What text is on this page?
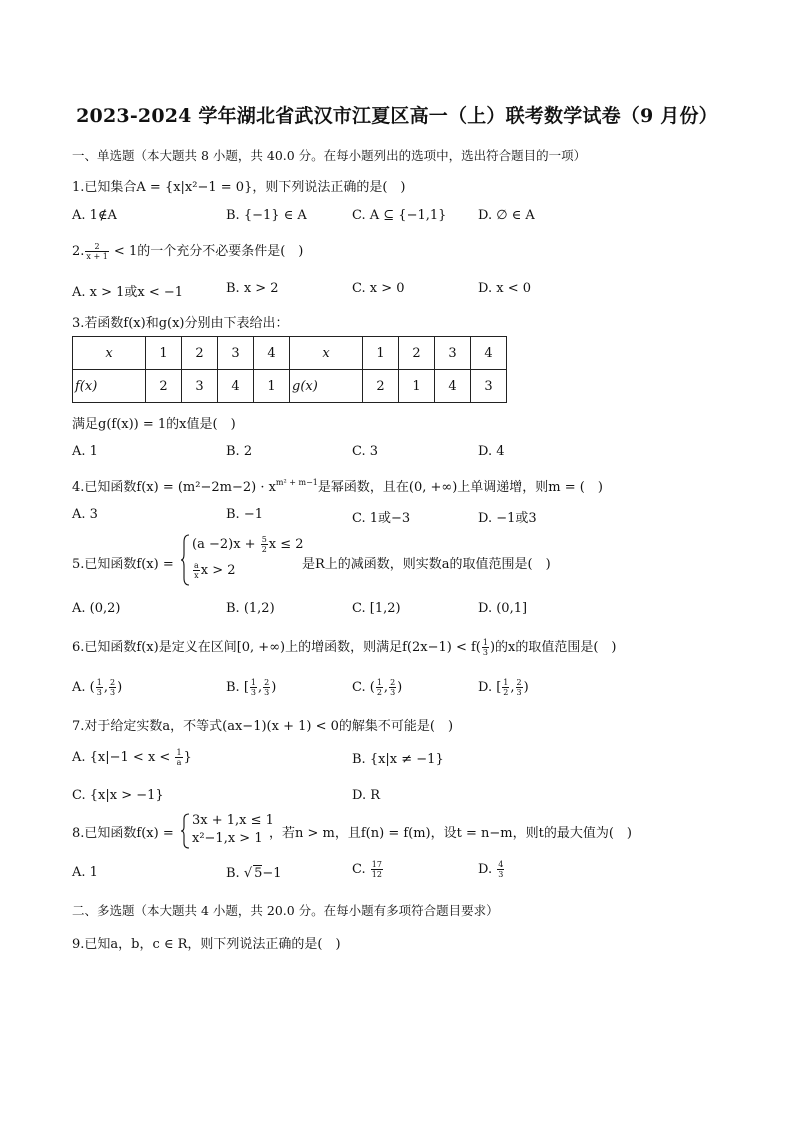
2023-2024 学年湖北省武汉市江夏区高一（上）联考数学试卷（9 月份）
一、单选题（本大题共 8 小题，共 40.0 分。在每小题列出的选项中，选出符合题目的一项）
1.已知集合A = {x|x²−1 = 0}，则下列说法正确的是(　)
A. 1∉A	B. {−1} ∈ A	C. A ⊆ {−1,1} D. ∅ ∈ A
2. $\frac{2}{x + 1} < 1$的一个充分不必要条件是(　)
A. x > 1或x < −1	B. x > 2	C. x > 0	D. x < 0
3.若函数f(x)和g(x)分别由下表给出：
x	1	2	3	4	x	1	2	3	4
f(x)	2	3	4	1	g(x)	2	1	4	3
满足g(f(x)) = 1的x值是(　)
A. 1	B. 2	C. 3	D. 4
4.已知函数$f(x) = (m^2-2m-2) \cdot x^{m^2 + m-1}$是幂函数，且在(0, +∞)上单调递增，则m = (　)
A. 3	B. −1	C. 1或−3	D. −1或3
5.已知函数f(x) =
$(a -2)x + \frac{5}{2}$ x ≤ 2
$\frac{a}{x}$ x > 2	是R上的减函数，则实数a的取值范围是(　)
A. (0,2)	B. (1,2)	C. [1,2)	D. (0,1]
6.已知函数f(x)是定义在区间[0, +∞)上的增函数，则满足$f(2x-1) < f( \frac{1}{3}$ )的x的取值范围是(　)
A. ( $\frac{1}{3}$ , $\frac{2}{3}$ )	B. [ $\frac{1}{3}$ , $\frac{2}{3}$ )	C. ( $\frac{1}{2}$ , $\frac{2}{3}$ )	D. [ $\frac{1}{2}$ , $\frac{2}{3}$ )
7.对于给定实数a，不等式(ax−1)(x + 1) < 0的解集不可能是(　)
A. {$x|-1 < x < \frac{1}{a}$ }	B. {x|x ≠ −1}
C. {x|x > −1}	D. R
8.已知函数f(x) =
3x + 1,x ≤ 1
x²−1,x > 1 ，若n > m，且f(n) = f(m)，设t = n−m，则t的最大值为(　)
A. 1	B. √ 5−1	C. $\frac{17}{12}$	D. $\frac{4}{3}$
二、多选题（本大题共 4 小题，共 20.0 分。在每小题有多项符合题目要求）
9.已知a，b，c ∈ R，则下列说法正确的是(　)
